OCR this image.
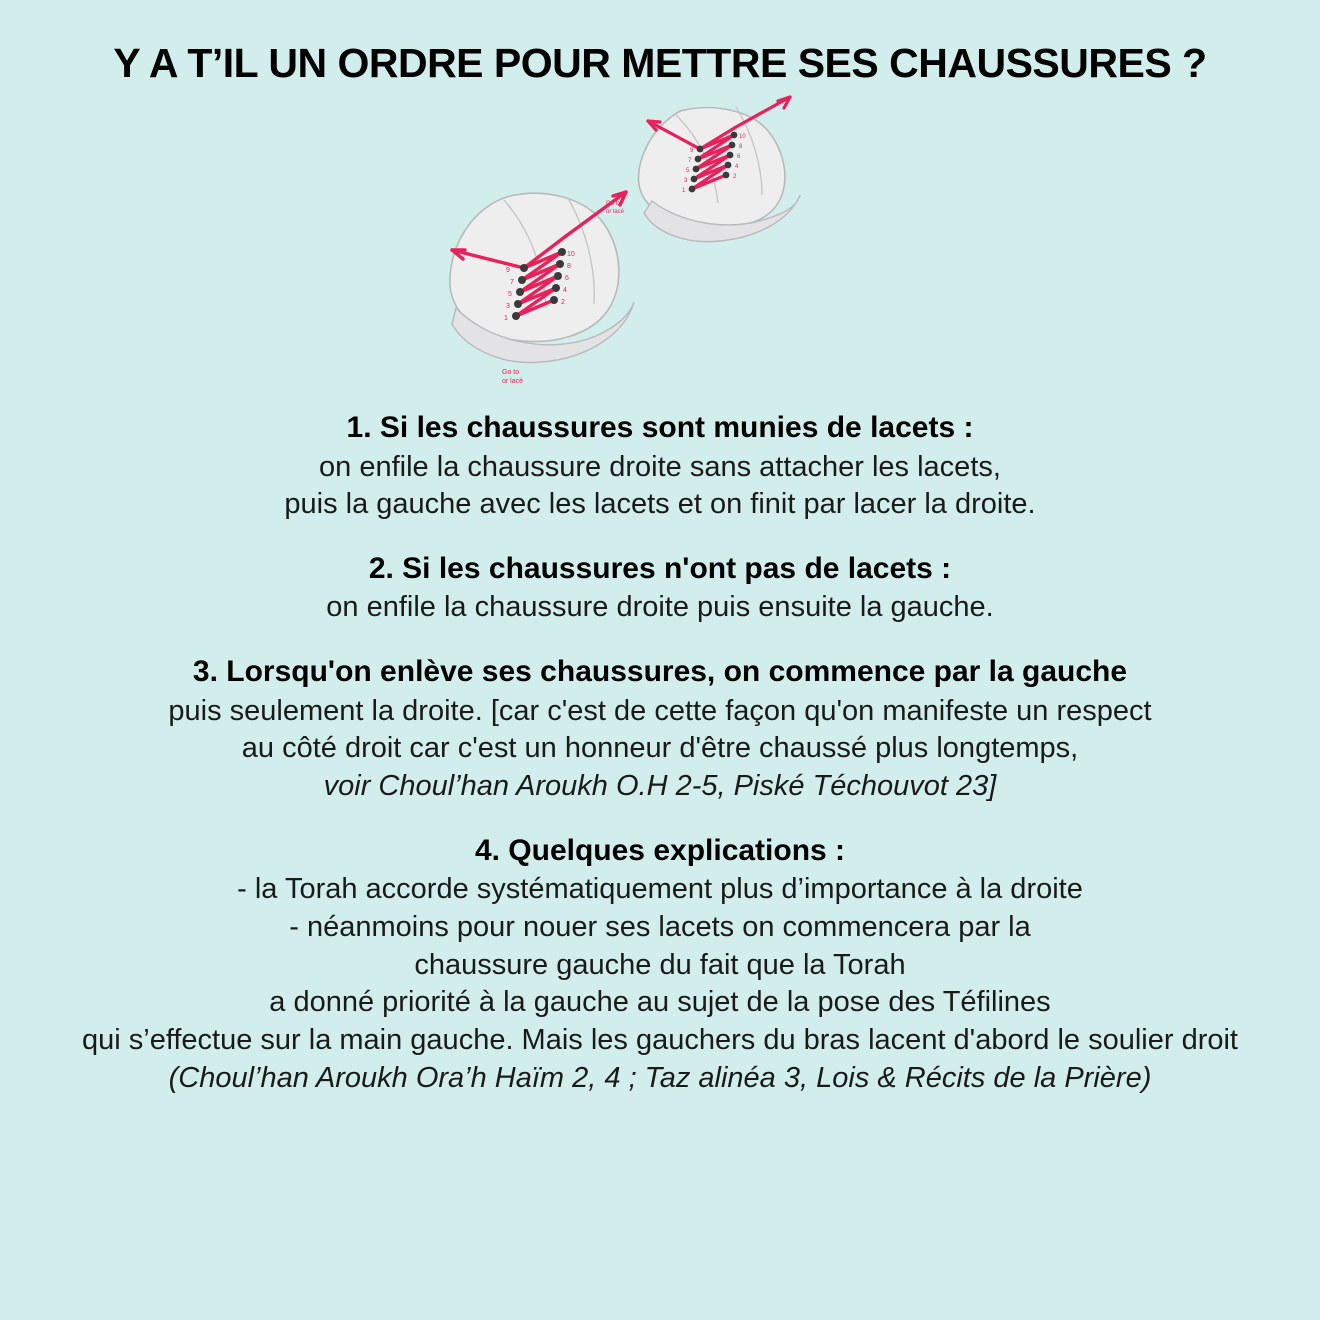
Y A T’IL UN ORDRE POUR METTRE SES CHAUSSURES ?
1
3
5
7
9
2
4
6
8
10
Go to
or lacé
1
3
5
7
9
2
4
6
8
10
Go to
or lacé
1. Si les chaussures sont munies de lacets :
on enfile la chaussure droite sans attacher les lacets,
puis la gauche avec les lacets et on finit par lacer la droite.
2. Si les chaussures n'ont pas de lacets :
on enfile la chaussure droite puis ensuite la gauche.
3. Lorsqu'on enlève ses chaussures, on commence par la gauche
puis seulement la droite. [car c'est de cette façon qu'on manifeste un respect
au côté droit car c'est un honneur d'être chaussé plus longtemps,
voir Choul’han Aroukh O.H 2-5, Piské Téchouvot 23]
4. Quelques explications :
- la Torah accorde systématiquement plus d’importance à la droite
- néanmoins pour nouer ses lacets on commencera par la
chaussure gauche du fait que la Torah
a donné priorité à la gauche au sujet de la pose des Téfilines
qui s’effectue sur la main gauche. Mais les gauchers du bras lacent d'abord le soulier droit
(Choul’han Aroukh Ora’h Haïm 2, 4 ; Taz alinéa 3, Lois & Récits de la Prière)
